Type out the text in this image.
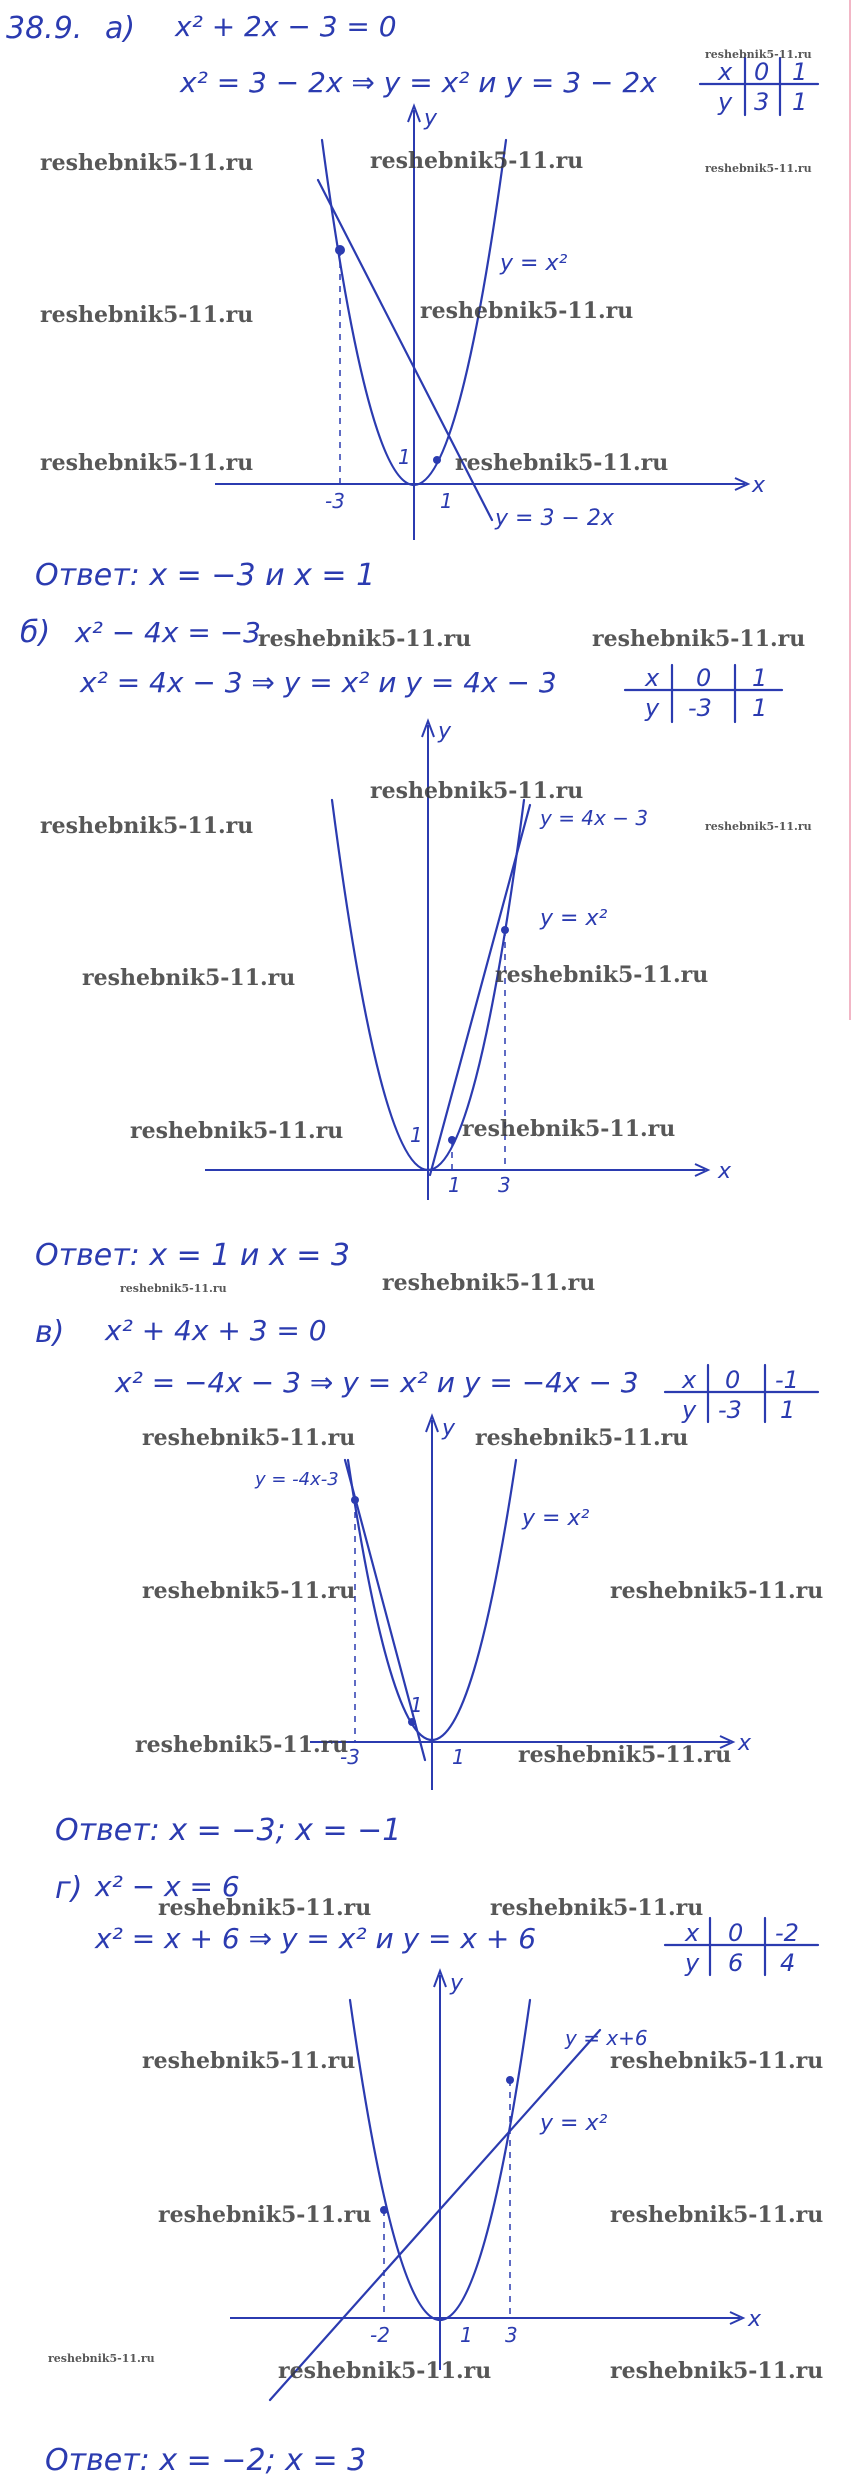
38.9. а) x² + 2x − 3 = 0
x² = 3 − 2x ⇒ y = x² и y = 3 − 2x	x 0 1
y 3 1
x
y
-3	1
1
y = x²
y = 3 − 2x
Ответ: x = −3 и x = 1
б) x² − 4x = −3
x² = 4x − 3 ⇒ y = x² и y = 4x − 3	x 0 1
y -3 1
x
y
1
1
3
y = x²
y = 4x − 3
Ответ: x = 1 и x = 3
в) x² + 4x + 3 = 0
x² = −4x − 3 ⇒ y = x² и y = −4x − 3 x 0 -1
y -3 1
x
y
-3
1
1
y = x²
y = -4x-3
Ответ: x = −3; x = −1
г) x² − x = 6
x² = x + 6 ⇒ y = x² и y = x + 6	x 0 -2
y 6 4
x
y
-2	1 3
y = x²
y = x+6
Ответ: x = −2; x = 3
reshebnik5-11.ru	reshebnik5-11.ru	reshebnik5-11.ru
reshebnik5-11.ru
reshebnik5-11.ru	reshebnik5-11.ru
reshebnik5-11.ru	reshebnik5-11.ru
reshebnik5-11.ru	reshebnik5-11.ru
reshebnik5-11.ru
reshebnik5-11.ru	reshebnik5-11.ru
reshebnik5-11.ru	reshebnik5-11.ru
reshebnik5-11.ru	reshebnik5-11.ru
reshebnik5-11.ru	reshebnik5-11.ru
reshebnik5-11.ru	reshebnik5-11.ru
reshebnik5-11.ru	reshebnik5-11.ru
reshebnik5-11.ru	reshebnik5-11.ru
reshebnik5-11.ru	reshebnik5-11.ru
reshebnik5-11.ru	reshebnik5-11.ru
reshebnik5-11.ru	reshebnik5-11.ru
reshebnik5-11.ru	reshebnik5-11.ru	reshebnik5-11.ru
